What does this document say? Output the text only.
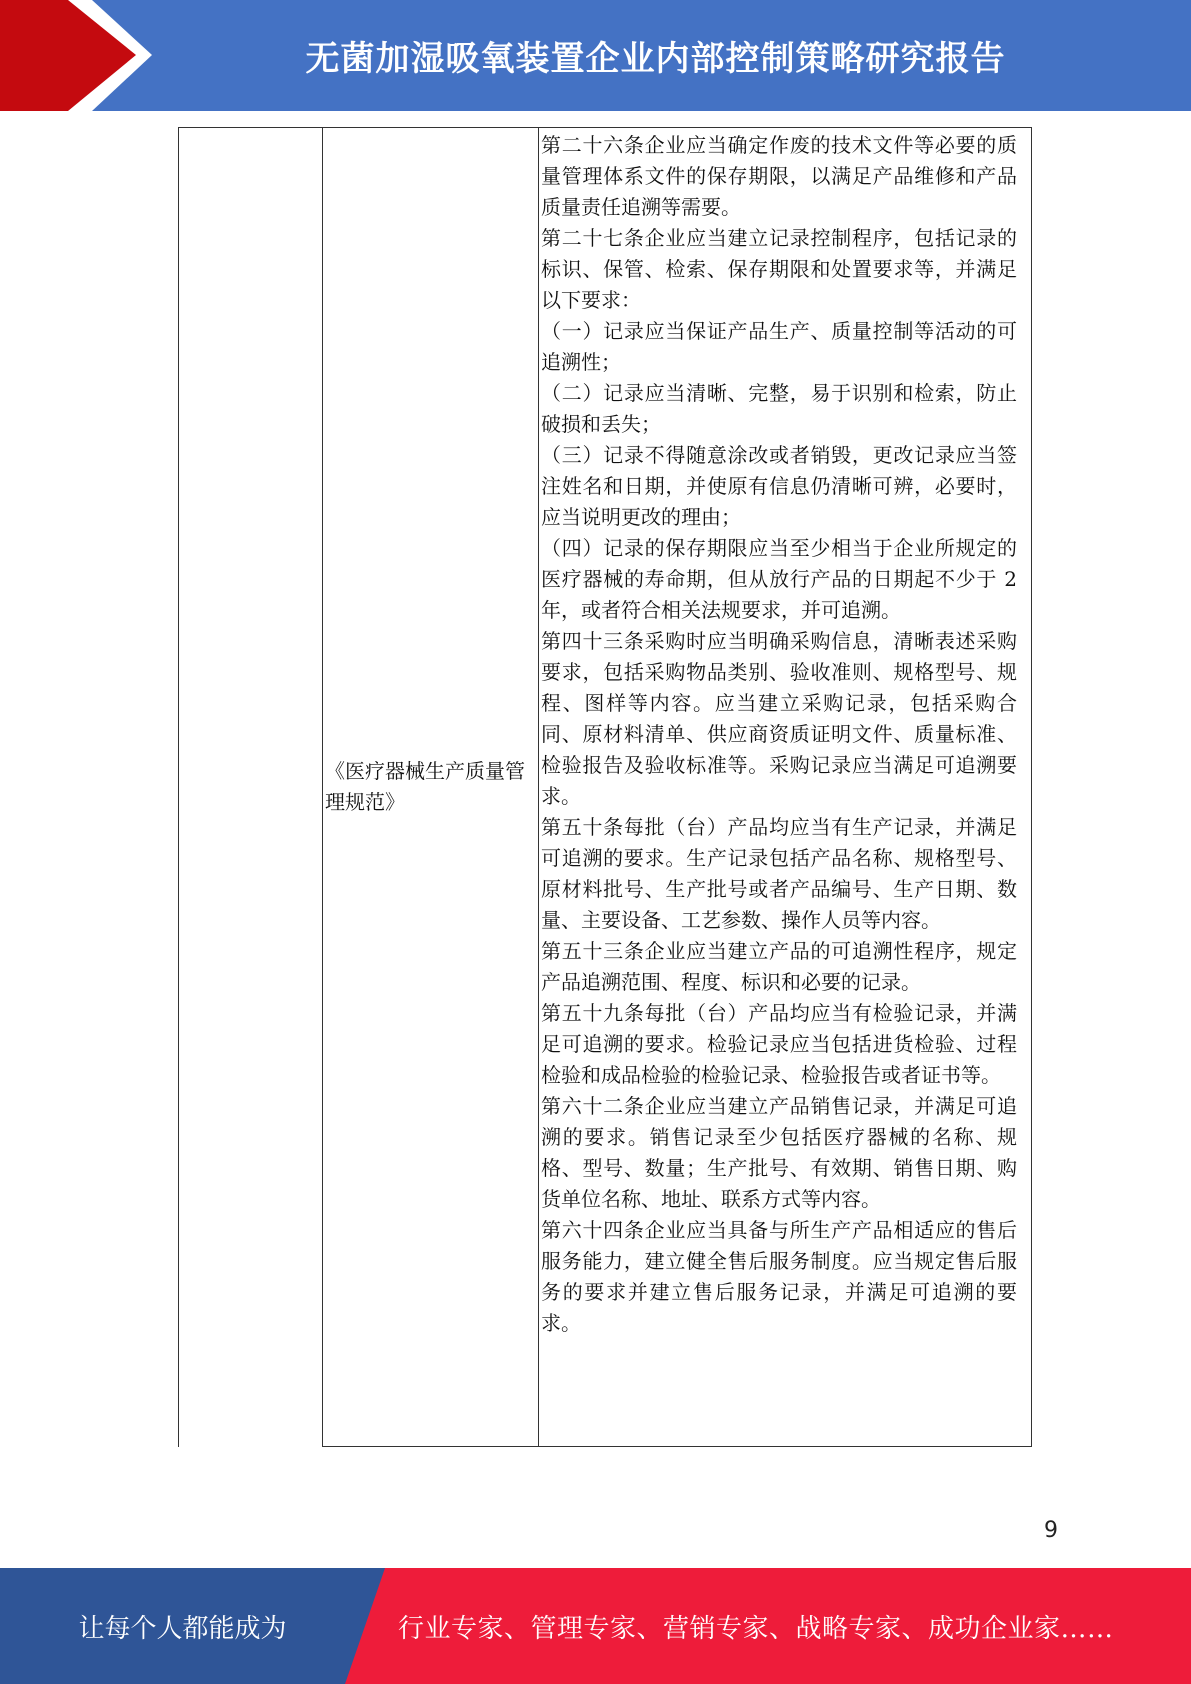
无菌加湿吸氧装置企业内部控制策略研究报告
	《医疗器械生产质量管理规范》	

第二十六条企业应当确定作废的技术文件等必要的质量管理体系文件的保存期限，以满足产品维修和产品质量责任追溯等需要。

第二十七条企业应当建立记录控制程序，包括记录的标识、保管、检索、保存期限和处置要求等，并满足以下要求：

（一）记录应当保证产品生产、质量控制等活动的可追溯性；

（二）记录应当清晰、完整，易于识别和检索，防止破损和丢失；

（三）记录不得随意涂改或者销毁，更改记录应当签注姓名和日期，并使原有信息仍清晰可辨，必要时，应当说明更改的理由；

（四）记录的保存期限应当至少相当于企业所规定的医疗器械的寿命期，但从放行产品的日期起不少于 2 年，或者符合相关法规要求，并可追溯。

第四十三条采购时应当明确采购信息，清晰表述采购要求，包括采购物品类别、验收准则、规格型号、规程、图样等内容。应当建立采购记录，包括采购合同、原材料清单、供应商资质证明文件、质量标准、检验报告及验收标准等。采购记录应当满足可追溯要求。

第五十条每批（台）产品均应当有生产记录，并满足可追溯的要求。生产记录包括产品名称、规格型号、原材料批号、生产批号或者产品编号、生产日期、数量、主要设备、工艺参数、操作人员等内容。

第五十三条企业应当建立产品的可追溯性程序，规定产品追溯范围、程度、标识和必要的记录。

第五十九条每批（台）产品均应当有检验记录，并满足可追溯的要求。检验记录应当包括进货检验、过程检验和成品检验的检验记录、检验报告或者证书等。

第六十二条企业应当建立产品销售记录，并满足可追溯的要求。销售记录至少包括医疗器械的名称、规格、型号、数量；生产批号、有效期、销售日期、购货单位名称、地址、联系方式等内容。

第六十四条企业应当具备与所生产产品相适应的售后服务能力，建立健全售后服务制度。应当规定售后服务的要求并建立售后服务记录，并满足可追溯的要求。

9
让每个人都能成为	行业专家、管理专家、营销专家、战略专家、成功企业家……
